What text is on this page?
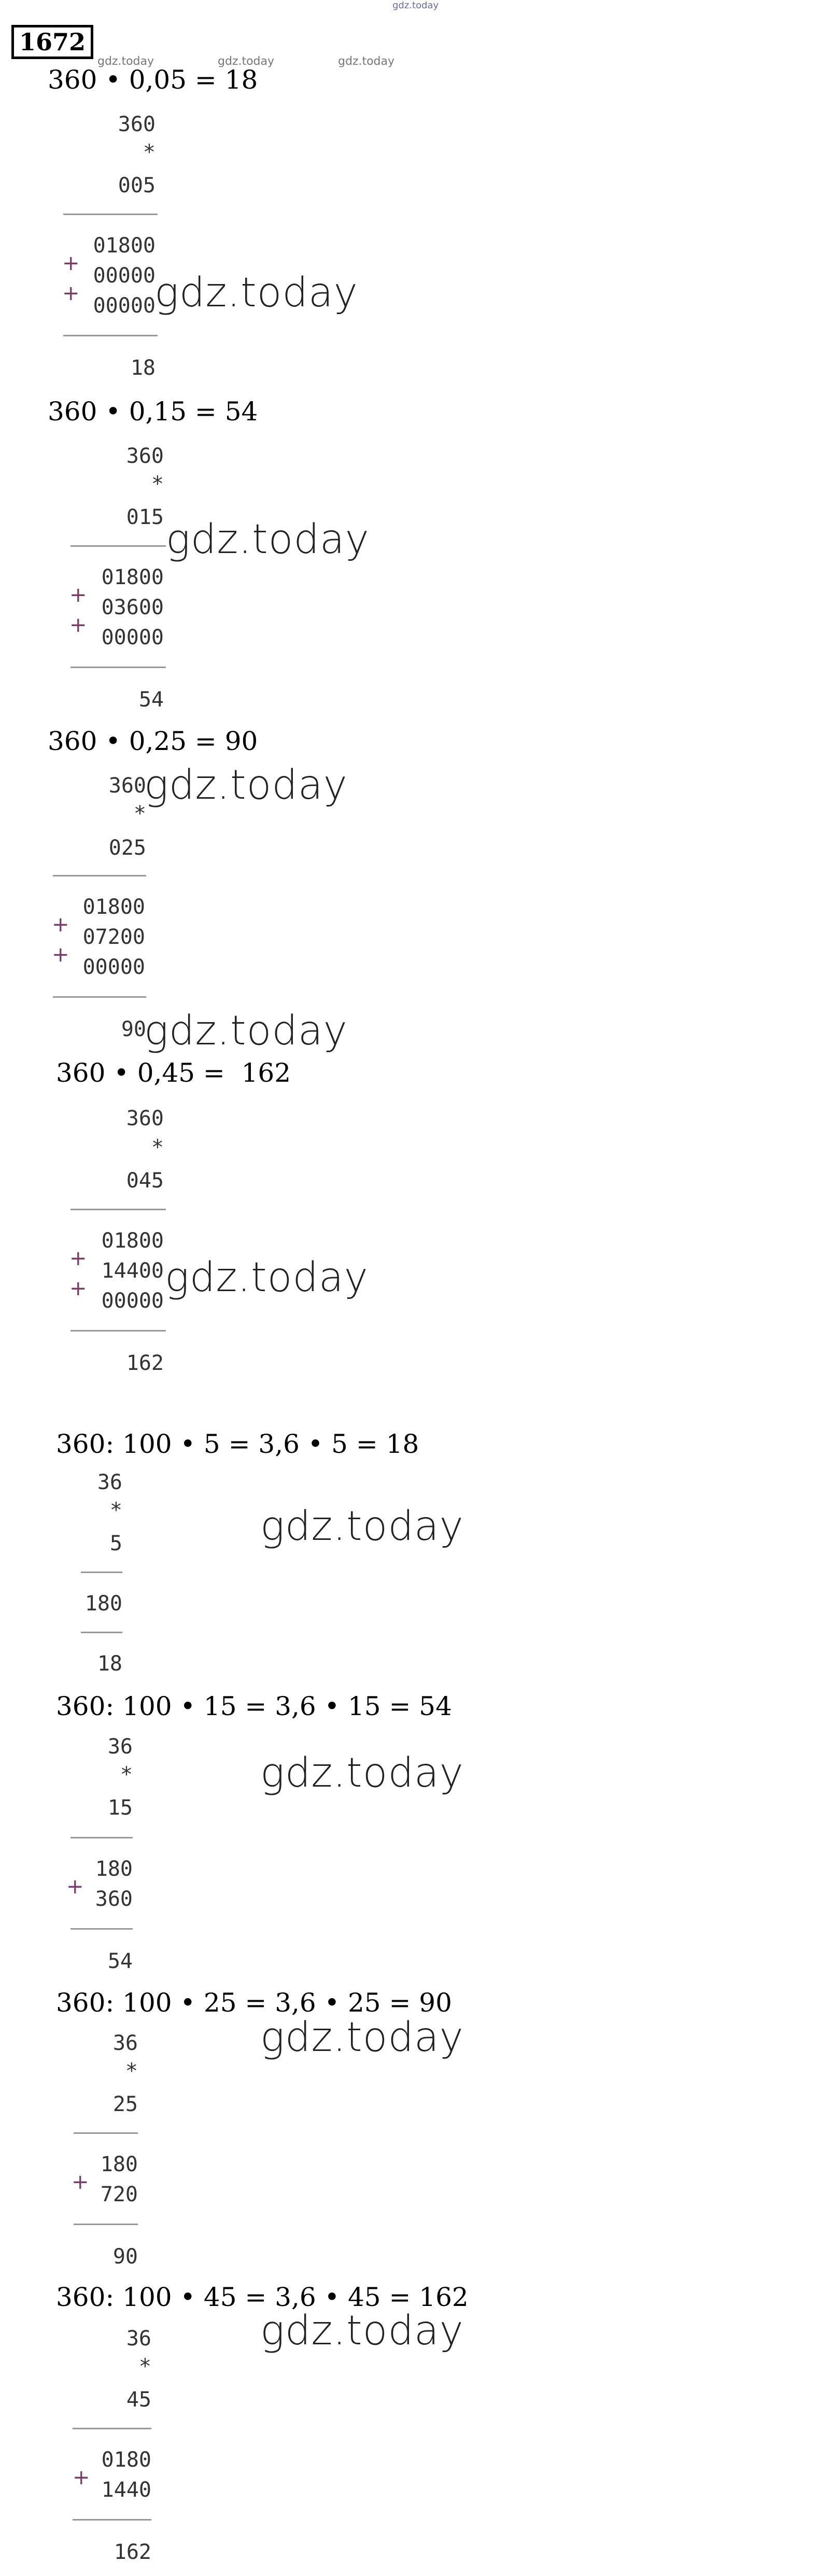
gdz.today
1672
gdz.today	gdz.today	gdz.today
360 • 0,05 = 18
360
*
005
01800
00000
00000
+
+ gdz.today
18
360 • 0,15 = 54
360
*
015 gdz.today
01800
03600
00000
+
+
54
360 • 0,25 = 90
360
gdz.today
*
025
01800
07200
00000
+
+
90
gdz.today
360 • 0,45 =  162
360
*
045
01800
14400
00000
+
+ gdz.today
162
360: 100 • 5 = 3,6 • 5 = 18
36
*
5	gdz.today
180
18
360: 100 • 15 = 3,6 • 15 = 54
36
*
15
gdz.today
180
360
+
54
360: 100 • 25 = 3,6 • 25 = 90
gdz.today
36
*
25
180
720
+
90
360: 100 • 45 = 3,6 • 45 = 162
gdz.today
36
*
45
0180
1440
+
162
